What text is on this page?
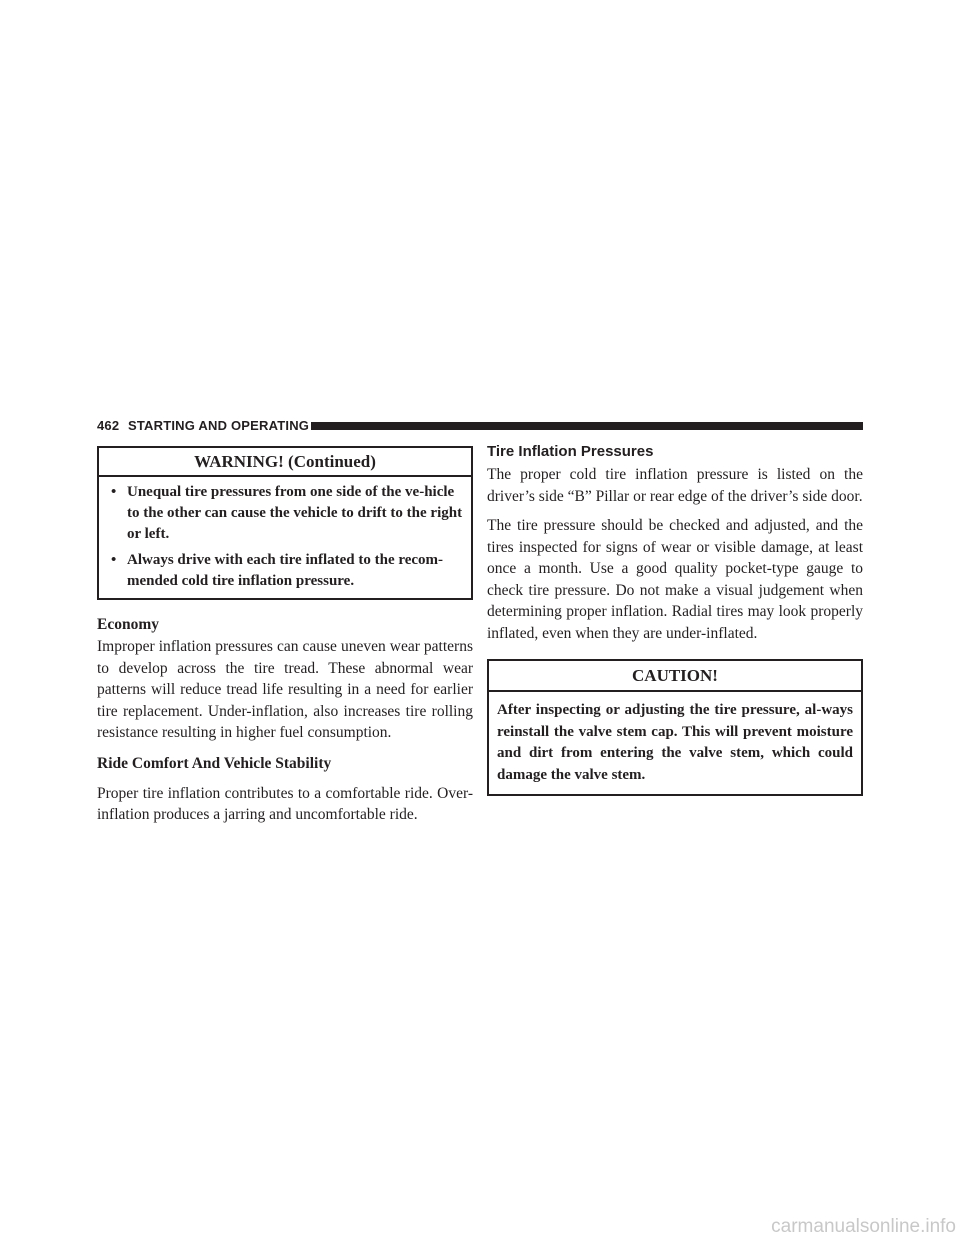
462 STARTING AND OPERATING
WARNING! (Continued)
• Unequal tire pressures from one side of the ve-hicle to the other can cause the vehicle to drift to the right or left.
• Always drive with each tire inflated to the recom-mended cold tire inflation pressure.
Economy

Improper inflation pressures can cause uneven wear patterns to develop across the tire tread. These abnormal wear patterns will reduce tread life resulting in a need for earlier tire replacement. Under-inflation, also increases tire rolling resistance resulting in higher fuel consumption.

Ride Comfort And Vehicle Stability

Proper tire inflation contributes to a comfortable ride. Over-inflation produces a jarring and uncomfortable ride.

Tire Inflation Pressures

The proper cold tire inflation pressure is listed on the driver’s side “B” Pillar or rear edge of the driver’s side door.

The tire pressure should be checked and adjusted, and the tires inspected for signs of wear or visible damage, at least once a month. Use a good quality pocket-type gauge to check tire pressure. Do not make a visual judgement when determining proper inflation. Radial tires may look properly inflated, even when they are under-inflated.

CAUTION!
After inspecting or adjusting the tire pressure, al-ways reinstall the valve stem cap. This will prevent moisture and dirt from entering the valve stem, which could damage the valve stem.
carmanualsonline.info
